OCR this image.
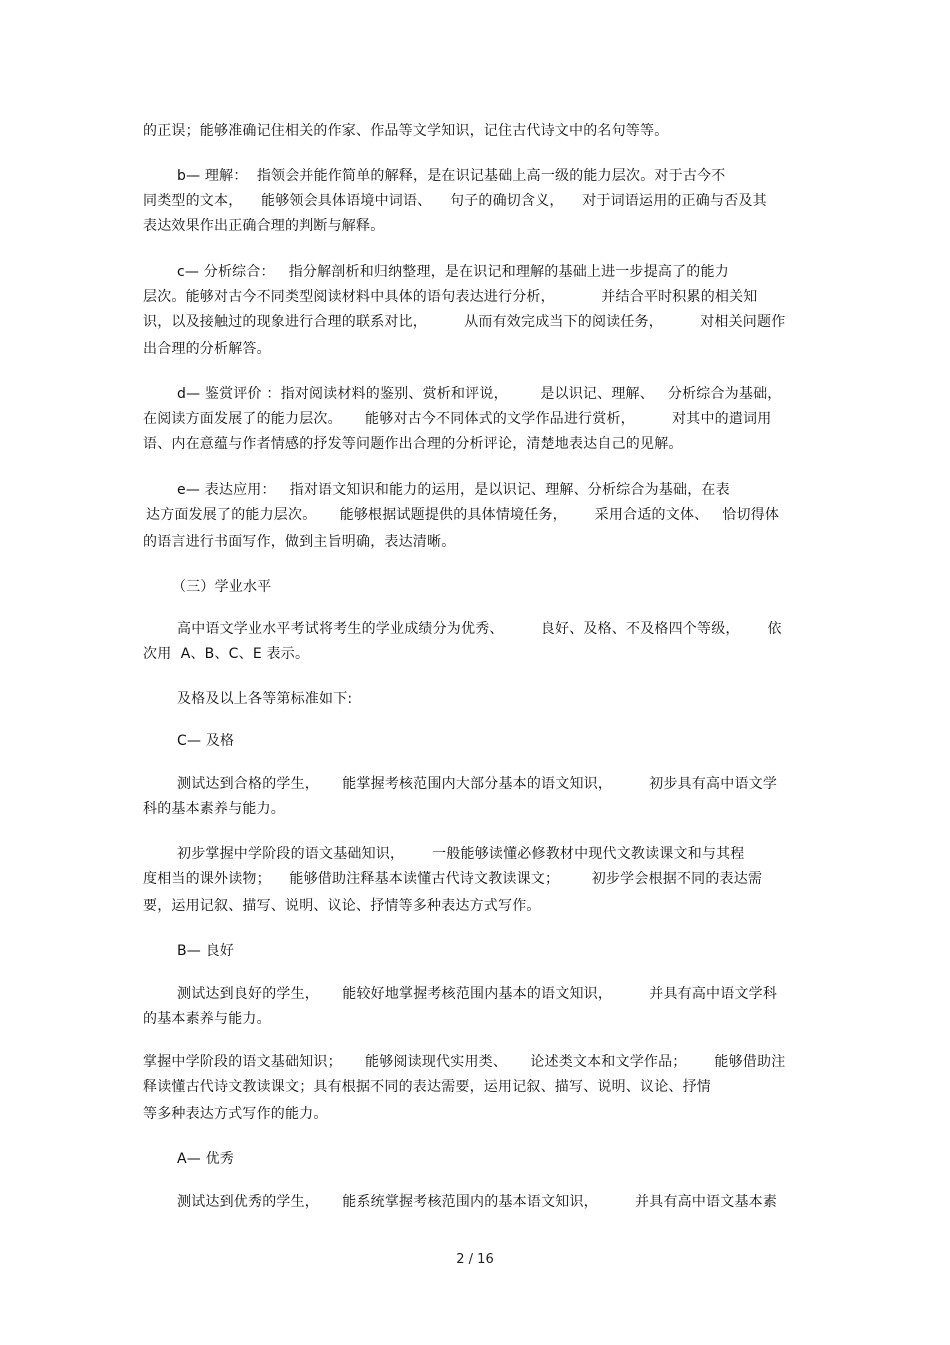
的正误；能够准确记住相关的作家、作品等文学知识，记住古代诗文中的名句等等。
b— 理解：  指领会并能作简单的解释，是在识记基础上高一级的能力层次。对于古今不
同类型的文本，    能够领会具体语境中词语、    句子的确切含义，    对于词语运用的正确与否及其
表达效果作出正确合理的判断与解释。
c— 分析综合：   指分解剖析和归纳整理，是在识记和理解的基础上进一步提高了的能力
层次。能够对古今不同类型阅读材料中具体的语句表达进行分析，          并结合平时积累的相关知
识，以及接触过的现象进行合理的联系对比，        从而有效完成当下的阅读任务，        对相关问题作
出合理的分析解答。
d— 鉴赏评价 ：指对阅读材料的鉴别、赏析和评说，       是以识记、理解、   分析综合为基础，
在阅读方面发展了的能力层次。     能够对古今不同体式的文学作品进行赏析，        对其中的遣词用
语、内在意蕴与作者情感的抒发等问题作出合理的分析评论，清楚地表达自己的见解。
e— 表达应用：   指对语文知识和能力的运用，是以识记、理解、分析综合为基础，在表
达方面发展了的能力层次。     能够根据试题提供的具体情境任务，      采用合适的文体、   恰切得体
的语言进行书面写作，做到主旨明确，表达清晰。
（三）学业水平
高中语文学业水平考试将考生的学业成绩分为优秀、        良好、及格、不及格四个等级，      依
次用  A、B、C、E 表示。
及格及以上各等第标准如下:
C— 及格
测试达到合格的学生，     能掌握考核范围内大部分基本的语文知识，        初步具有高中语文学
科的基本素养与能力。
初步掌握中学阶段的语文基础知识，      一般能够读懂必修教材中现代文教读课文和与其程
度相当的课外读物；    能够借助注释基本读懂古代诗文教读课文；       初步学会根据不同的表达需
要，运用记叙、描写、说明、议论、抒情等多种表达方式写作。
B— 良好
测试达到良好的学生，     能较好地掌握考核范围内基本的语文知识，        并具有高中语文学科
的基本素养与能力。
掌握中学阶段的语文基础知识；     能够阅读现代实用类、     论述类文本和文学作品；      能够借助注
释读懂古代诗文教读课文；具有根据不同的表达需要，运用记叙、描写、说明、议论、抒情
等多种表达方式写作的能力。
A— 优秀
测试达到优秀的学生，     能系统掌握考核范围内的基本语文知识，        并具有高中语文基本素
2 / 16
